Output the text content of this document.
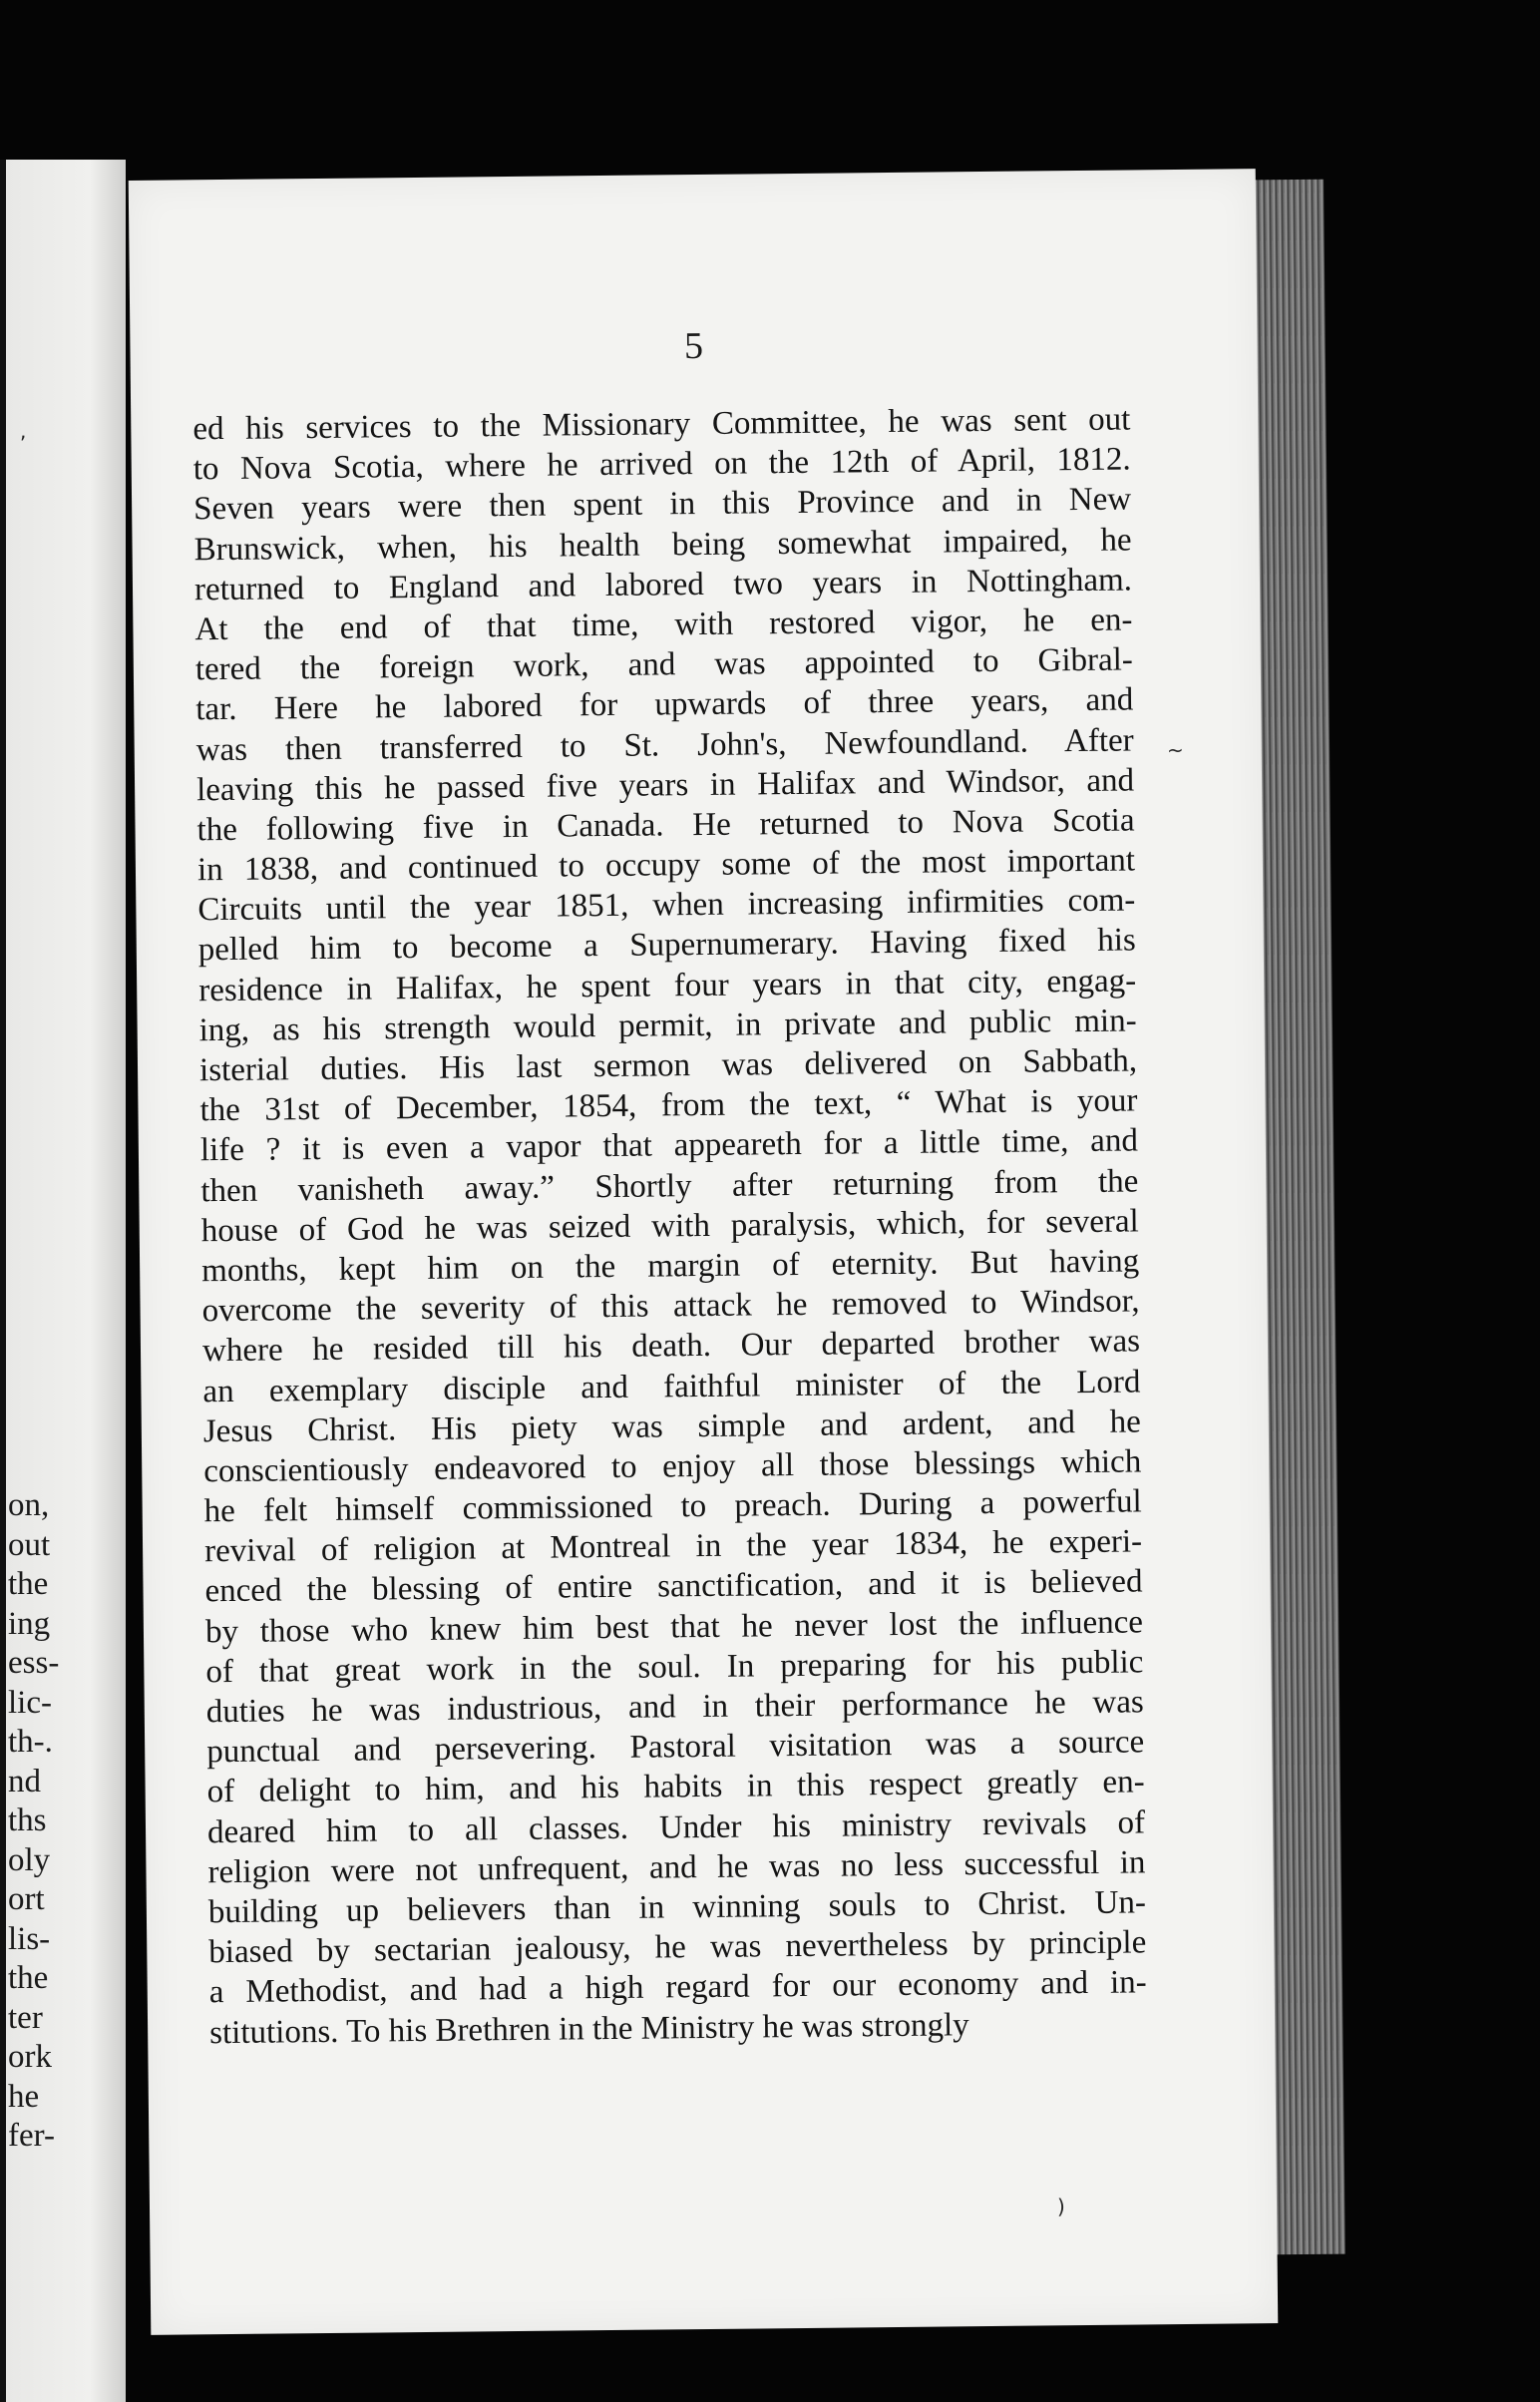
on,
out
the
ing
ess-
lic-
th-.
nd
ths
oly
ort
lis-
the
ter
ork
he
fer-
5
ed his services to the Missionary Committee, he was sent out
to Nova Scotia, where he arrived on the 12th of April, 1812.
Seven years were then spent in this Province and in New
Brunswick, when, his health being somewhat impaired, he
returned to England and labored two years in Nottingham.
At the end of that time, with restored vigor, he en-
tered the foreign work, and was appointed to Gibral-
tar. Here he labored for upwards of three years, and
was then transferred to St. John's, Newfoundland. After
leaving this he passed five years in Halifax and Windsor, and
the following five in Canada. He returned to Nova Scotia
in 1838, and continued to occupy some of the most important
Circuits until the year 1851, when increasing infirmities com-
pelled him to become a Supernumerary. Having fixed his
residence in Halifax, he spent four years in that city, engag-
ing, as his strength would permit, in private and public min-
isterial duties. His last sermon was delivered on Sabbath,
the 31st of December, 1854, from the text, “ What is your
life ? it is even a vapor that appeareth for a little time, and
then vanisheth away.” Shortly after returning from the
house of God he was seized with paralysis, which, for several
months, kept him on the margin of eternity. But having
overcome the severity of this attack he removed to Windsor,
where he resided till his death. Our departed brother was
an exemplary disciple and faithful minister of the Lord
Jesus Christ. His piety was simple and ardent, and he
conscientiously endeavored to enjoy all those blessings which
he felt himself commissioned to preach. During a powerful
revival of religion at Montreal in the year 1834, he experi-
enced the blessing of entire sanctification, and it is believed
by those who knew him best that he never lost the influence
of that great work in the soul. In preparing for his public
duties he was industrious, and in their performance he was
punctual and persevering. Pastoral visitation was a source
of delight to him, and his habits in this respect greatly en-
deared him to all classes. Under his ministry revivals of
religion were not unfrequent, and he was no less successful in
building up believers than in winning souls to Christ. Un-
biased by sectarian jealousy, he was nevertheless by principle
a Methodist, and had a high regard for our economy and in-
stitutions. To his Brethren in the Ministry he was strongly
,
~
)
